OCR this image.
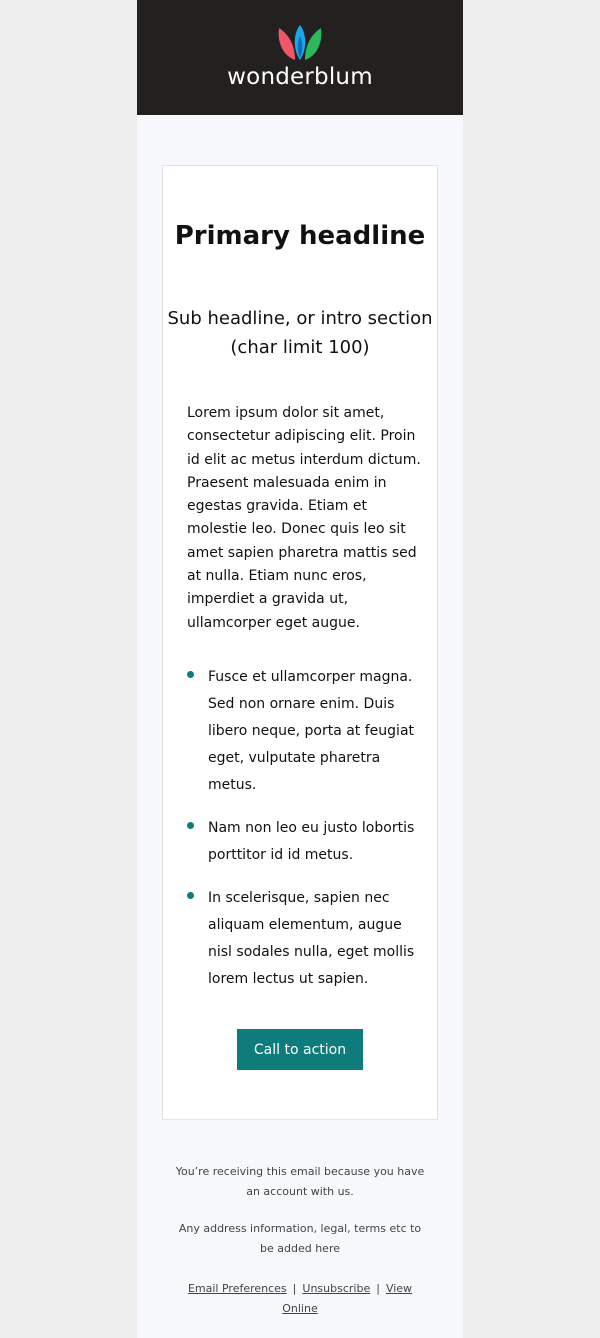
wonderblum
Primary headline

Sub headline, or intro section (char limit 100)

Lorem ipsum dolor sit amet, consectetur adipiscing elit. Proin id elit ac metus interdum dictum. Praesent malesuada enim in egestas gravida. Etiam et molestie leo. Donec quis leo sit amet sapien pharetra mattis sed at nulla. Etiam nunc eros, imperdiet a gravida ut, ullamcorper eget augue.

Fusce et ullamcorper magna. Sed non ornare enim. Duis libero neque, porta at feugiat eget, vulputate pharetra metus.
Nam non leo eu justo lobortis porttitor id id metus.
In scelerisque, sapien nec aliquam elementum, augue nisl sodales nulla, eget mollis lorem lectus ut sapien.
Call to action

You’re receiving this email because you have an account with us.

Any address information, legal, terms etc to be added here

Email Preferences | Unsubscribe | View Online
